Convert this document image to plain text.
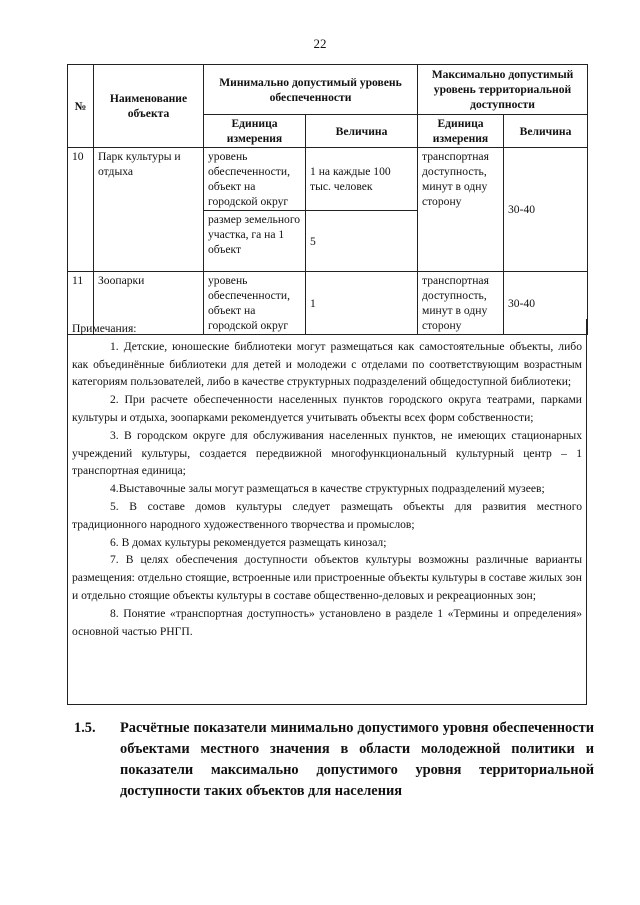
22
№	Наименование объекта	Минимально допустимый уровень обеспеченности		Максимально допустимый уровень территориальной доступности	
		Единица измерения	Величина	Единица измерения	Величина
10	Парк культуры и отдыха	уровень обеспеченности, объект на городской округ	1 на каждые 100 тыс. человек	транспортная доступность, минут в одну сторону	30-40
		размер земельного участка, га на 1 объект	5		
11	Зоопарки	уровень обеспеченности, объект на городской округ	1	транспортная доступность, минут в одну сторону	30-40

Примечания:

1. Детские, юношеские библиотеки могут размещаться как самостоятельные объекты, либо как объединённые библиотеки для детей и молодежи с отделами по соответствующим возрастным категориям пользователей, либо в качестве структурных подразделений общедоступной библиотеки;

2. При расчете обеспеченности населенных пунктов городского округа театрами, парками культуры и отдыха, зоопарками рекомендуется учитывать объекты всех форм собственности;

3. В городском округе для обслуживания населенных пунктов, не имеющих стационарных учреждений культуры, создается передвижной многофункциональный культурный центр – 1 транспортная единица;

4.Выставочные залы могут размещаться в качестве структурных подразделений музеев;

5. В составе домов культуры следует размещать объекты для развития местного традиционного народного художественного творчества и промыслов;

6. В домах культуры рекомендуется размещать кинозал;

7. В целях обеспечения доступности объектов культуры возможны различные варианты размещения: отдельно стоящие, встроенные или пристроенные объекты культуры в составе жилых зон и отдельно стоящие объекты культуры в составе общественно-деловых и рекреационных зон;

8. Понятие «транспортная доступность» установлено в разделе 1 «Термины и определения» основной частью РНГП.

1.5. Расчётные показатели минимально допустимого уровня обеспеченности объектами местного значения в области молодежной политики и показатели максимально допустимого уровня территориальной доступности таких объектов для населения
